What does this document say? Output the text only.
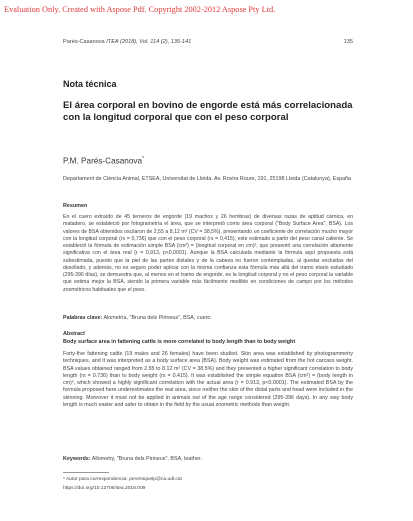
Evaluation Only. Created with Aspose Pdf. Copyright 2002-2012 Aspose Pty Ltd.
Parés-Casanova ITEA (2018), Vol. 114 (2), 135-141	135
Nota técnica
El área corporal en bovino de engorde está más correlacionada con la longitud corporal que con el peso corporal
P.M. Parés-Casanova*
Departament de Ciència Animal, ETSEA, Universitat de Lleida. Av. Rovira Roure, 191, 25198 Lleida (Catalunya), España
Resumen
En el cuero extraído de 45 terneros de engorde (19 machos y 26 hembras) de diversas razas de aptitud cárnica, en matadero, se estableció por fotogrametría el área, que se interpretó como área corporal ("Body Surface Area", BSA). Los valores de BSA obtenidos oscilaron de 2,55 a 8,12 m² (CV = 38,5%), presentando un coeficiente de correlación mucho mayor con la longitud corporal (rs = 0,736) que con el peso corporal (rs = 0,415), este estimado a partir del peso canal caliente. Se estableció la fórmula de estimación simple BSA (cm²) = (longitud corporal en cm)², que presentó una correlación altamente significativa con el área real (r = 0,913, p<0,0001). Aunque la BSA calculada mediante la fórmula aquí propuesta está subestimada, puesto que la piel de las partes distales y de la cabeza no fueron contempladas, al quedar excluidas del desollado, y además, no es seguro poder aplicar con la misma confianza esta fórmula más allá del tramo etario estudiado (295-396 días), se demuestra que, al menos en el tramo de engorde, es la longitud corporal y no el peso corporal la variable que estima mejor la BSA, siendo la primera variable más fácilmente medible en condiciones de campo por los métodos zoométricos habituales que el peso.
Palabras clave: Alometría, "Bruna dels Pirineus", BSA, cuero.
Abstract
Body surface area in fattening cattle is more correlated to body length than to body weight
Forty-five fattening cattle (19 males and 26 females) have been studied. Skin area was established by photogrammetry techniques, and it was interpreted as a body surface area (BSA). Body weight was estimated from the hot carcass weight. BSA values obtained ranged from 2.55 to 8.12 m² (CV = 38.5%) and they presented a higher significant correlation to body length (rs = 0.736) than to body weight (rs = 0.415). It was established the simple equation BSA (cm²) = (body length in cm)², which showed a highly significant correlation with the actual area (r = 0.913, p<0.0001). The estimated BSA by the formula proposed here underestimates the real area, since neither the skin of the distal parts and head were included in the skinning. Moreover it must not be applied in animals out of the age range considered (295-396 days). In any way body length is much easier and safer to obtain in the field by the usual zoometric methods than weight.
Keywords: Allometry, "Bruna dels Pirineus", BSA, leather.
* Autor para correspondencia: peremiquelp@ca.udl.cat
https://doi.org/10.12706/itea.2018.009
